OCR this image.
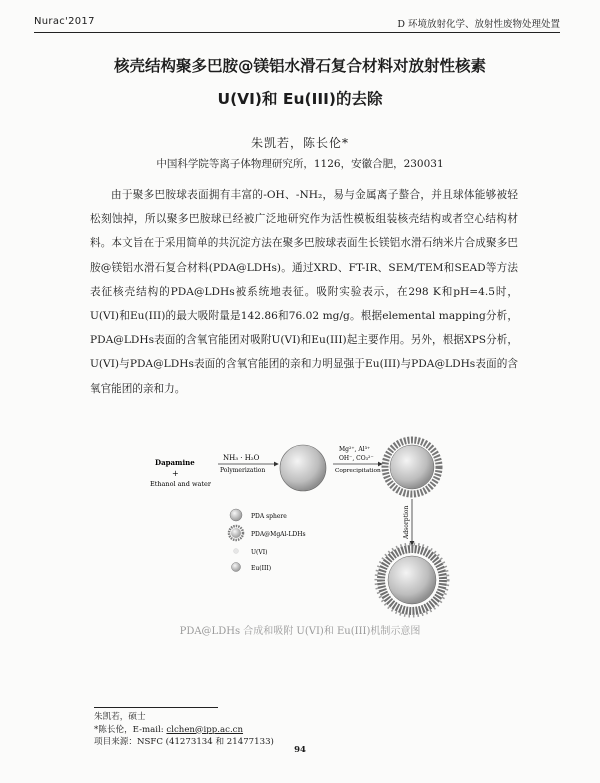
Nurac'2017	D 环境放射化学、放射性废物处理处置
核壳结构聚多巴胺@镁铝水滑石复合材料对放射性核素
U(VI)和 Eu(III)的去除
朱凯若，陈长伦*
中国科学院等离子体物理研究所，1126，安徽合肥，230031

由于聚多巴胺球表面拥有丰富的-OH、-NH₂，易与金属离子螯合，并且球体能够被轻松刻蚀掉，所以聚多巴胺球已经被广泛地研究作为活性模板组装核壳结构或者空心结构材料。本文旨在于采用简单的共沉淀方法在聚多巴胺球表面生长镁铝水滑石纳米片合成聚多巴胺@镁铝水滑石复合材料(PDA@LDHs)。通过XRD、FT-IR、SEM/TEM和SEAD等方法表征核壳结构的PDA@LDHs被系统地表征。吸附实验表示，在298 K和pH=4.5时，U(VI)和Eu(III)的最大吸附量是142.86和76.02 mg/g。根据elemental mapping分析，PDA@LDHs表面的含氧官能团对吸附U(VI)和Eu(III)起主要作用。另外，根据XPS分析，U(VI)与PDA@LDHs表面的含氧官能团的亲和力明显强于Eu(III)与PDA@LDHs表面的含氧官能团的亲和力。

Dapamine
+
Ethanol and water
NH₃ · H₂O
Polymerization
Mg²⁺, Al³⁺
OH⁻, CO₃²⁻
Coprecipitation
Adsorption
PDA sphere
PDA@MgAl-LDHs
U(VI)
Eu(III)
PDA@LDHs 合成和吸附 U(VI)和 Eu(III)机制示意图
朱凯若，硕士
*陈长伦，E-mail: clchen@ipp.ac.cn
项目来源：NSFC (41273134 和 21477133)
94
